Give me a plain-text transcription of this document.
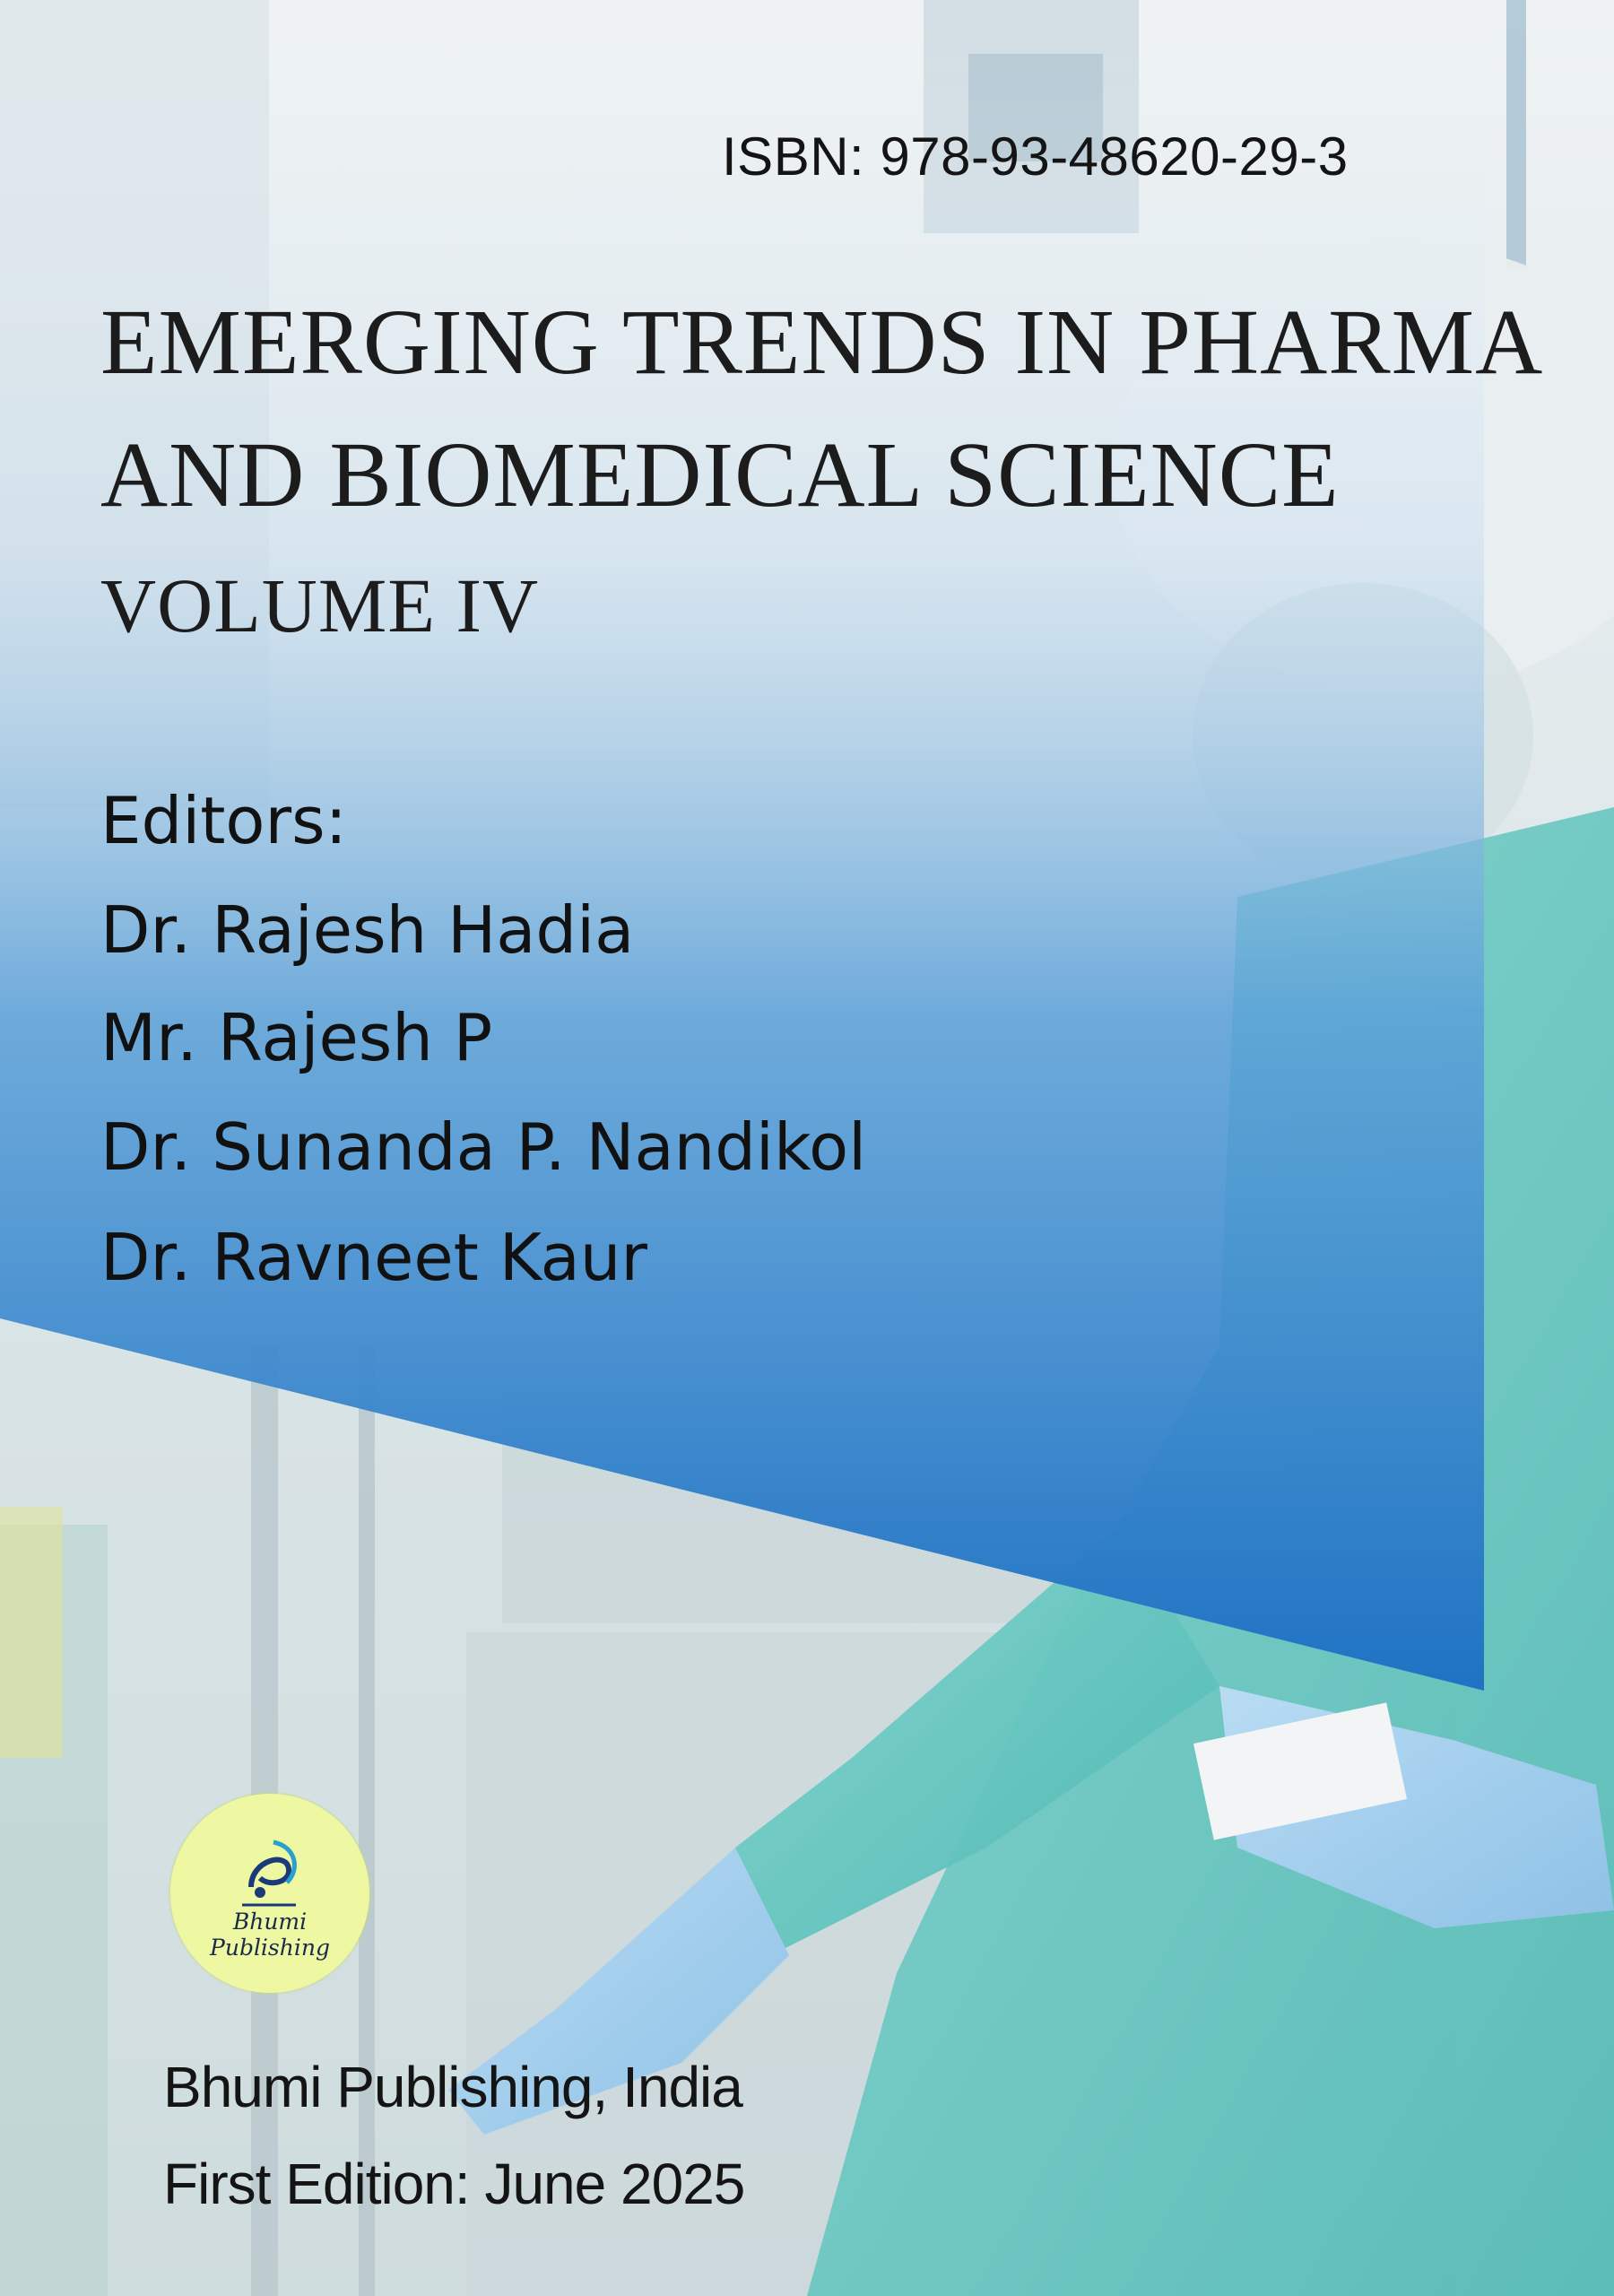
ISBN: 978-93-48620-29-3
EMERGING TRENDS IN PHARMA
AND BIOMEDICAL SCIENCE
VOLUME IV

Editors:

Dr. Rajesh Hadia

Mr. Rajesh P

Dr. Sunanda P. Nandikol

Dr. Ravneet Kaur

Bhumi Publishing

Bhumi Publishing, India

First Edition: June 2025
